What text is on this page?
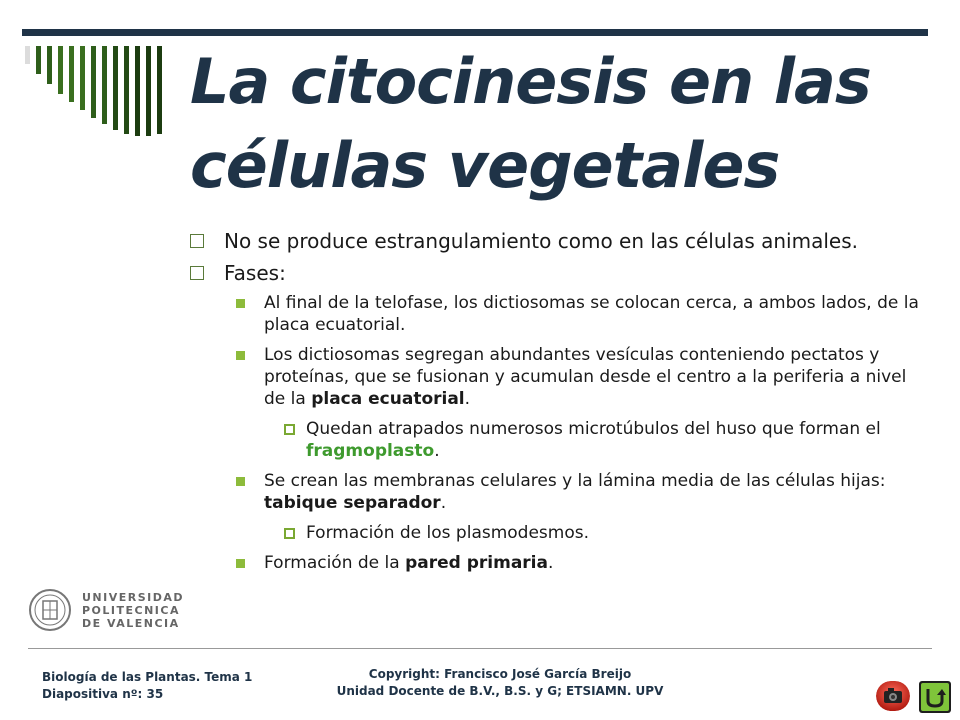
La citocinesis en las
células vegetales
No se produce estrangulamiento como en las células animales.
Fases:
Al final de la telofase, los dictiosomas se colocan cerca, a ambos lados, de la placa ecuatorial.
Los dictiosomas segregan abundantes vesículas conteniendo pectatos y proteínas, que se fusionan y acumulan desde el centro a la periferia a nivel de la placa ecuatorial.
Quedan atrapados numerosos microtúbulos del huso que forman el fragmoplasto.
Se crean las membranas celulares y la lámina media de las células hijas: tabique separador.
Formación de los plasmodesmos.
Formación de la pared primaria.
UNIVERSIDAD
POLITECNICA
DE VALENCIA
Biología de las Plantas. Tema 1
Diapositiva nº: 35
Copyright: Francisco José García Breijo
Unidad Docente de B.V., B.S. y G; ETSIAMN. UPV
